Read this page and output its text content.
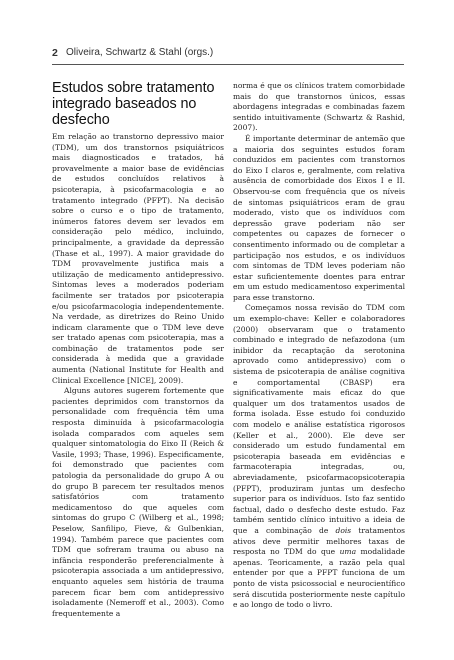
2 Oliveira, Schwartz & Stahl (orgs.)
Estudos sobre tratamento integrado baseados no desfecho

Em relação ao transtorno depressivo maior (TDM), um dos transtornos psiquiátricos mais diagnosticados e tratados, há provavelmente a maior base de evidências de estudos concluídos relativos à psicoterapia, à psicofarmacologia e ao tratamento integrado (PFPT). Na decisão sobre o curso e o tipo de tratamento, inúmeros fatores devem ser levados em consideração pelo médico, incluindo, principalmente, a gravidade da depressão (Thase et al., 1997). A maior gravidade do TDM provavelmente justifica mais a utilização de medicamento antidepressivo. Sintomas leves a moderados poderiam facilmente ser tratados por psicoterapia e/ou psicofarmacologia independentemente. Na verdade, as diretrizes do Reino Unido indicam claramente que o TDM leve deve ser tratado apenas com psicoterapia, mas a combinação de tratamentos pode ser considerada à medida que a gravidade aumenta (National Institute for Health and Clinical Excellence [NICE], 2009).

Alguns autores sugerem fortemente que pacientes deprimidos com transtornos da personalidade com frequência têm uma resposta diminuída à psicofarmacologia isolada comparados com aqueles sem qualquer sintomatologia do Eixo II (Reich & Vasile, 1993; Thase, 1996). Especificamente, foi demonstrado que pacientes com patologia da personalidade do grupo A ou do grupo B parecem ter resultados menos satisfatórios com tratamento medicamentoso do que aqueles com sintomas do grupo C (Wilberg et al., 1998; Peselow, Sanfilipo, Fieve, & Gulbenkian, 1994). Também parece que pacientes com TDM que sofreram trauma ou abuso na infância responderão preferencialmente à psicoterapia associada a um antidepressivo, enquanto aqueles sem história de trauma parecem ficar bem com antidepressivo isoladamente (Nemeroff et al., 2003). Como frequentemente a

norma é que os clínicos tratem comorbidade mais do que transtornos únicos, essas abordagens integradas e combinadas fazem sentido intuitivamente (Schwartz & Rashid, 2007).

É importante determinar de antemão que a maioria dos seguintes estudos foram conduzidos em pacientes com transtornos do Eixo I claros e, geralmente, com relativa ausência de comorbidade dos Eixos I e II. Observou-se com frequência que os níveis de sintomas psiquiátricos eram de grau moderado, visto que os indivíduos com depressão grave poderiam não ser competentes ou capazes de fornecer o consentimento informado ou de completar a participação nos estudos, e os indivíduos com sintomas de TDM leves poderiam não estar suficientemente doentes para entrar em um estudo medicamentoso experimental para esse transtorno.

Começamos nossa revisão do TDM com um exemplo-chave: Keller e colaboradores (2000) observaram que o tratamento combinado e integrado de nefazodona (um inibidor da recaptação da serotonina aprovado como antidepressivo) com o sistema de psicoterapia de análise cognitiva e comportamental (CBASP) era significativamente mais eficaz do que qualquer um dos tratamentos usados de forma isolada. Esse estudo foi conduzido com modelo e análise estatística rigorosos (Keller et al., 2000). Ele deve ser considerado um estudo fundamental em psicoterapia baseada em evidências e farmacoterapia integradas, ou, abreviadamente, psicofarmacopsicoterapia (PFPT), produziram juntas um desfecho superior para os indivíduos. Isto faz sentido factual, dado o desfecho deste estudo. Faz também sentido clínico intuitivo a ideia de que a combinação de dois tratamentos ativos deve permitir melhores taxas de resposta no TDM do que uma modalidade apenas. Teoricamente, a razão pela qual entender por que a PFPT funciona de um ponto de vista psicossocial e neurocientífico será discutida posteriormente neste capítulo e ao longo de todo o livro.
